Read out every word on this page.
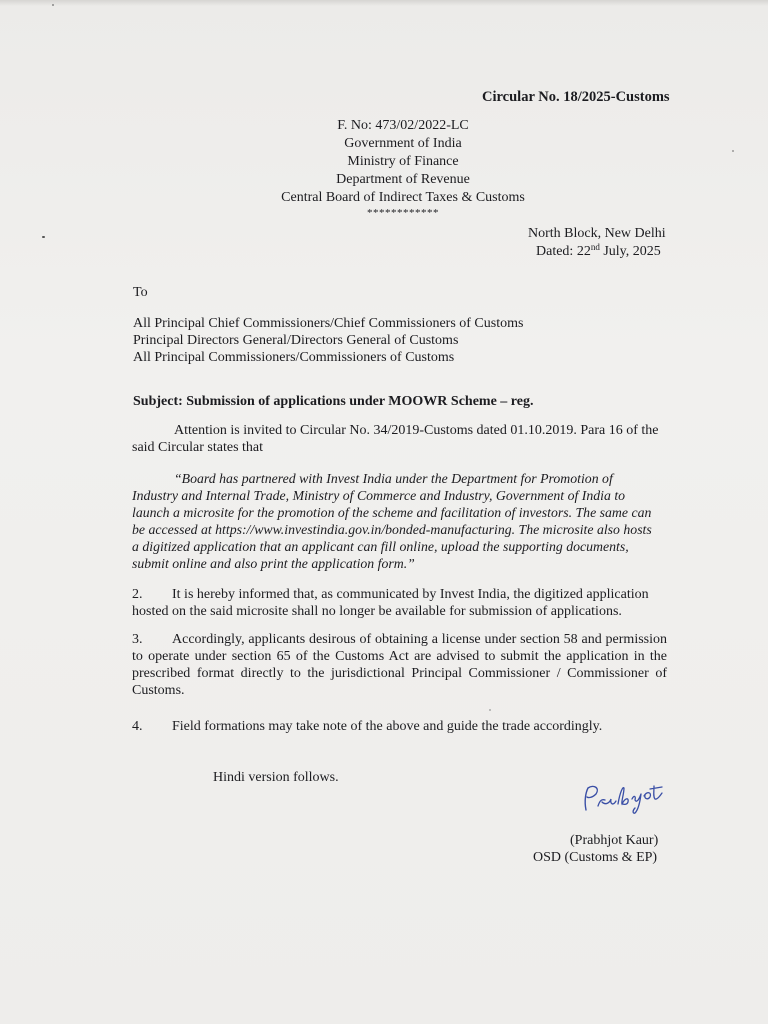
Circular No. 18/2025-Customs

F. No: 473/02/2022-LC

Government of India

Ministry of Finance

Department of Revenue

Central Board of Indirect Taxes & Customs

************

North Block, New Delhi

Dated: 22nd July, 2025

To

All Principal Chief Commissioners/Chief Commissioners of Customs

Principal Directors General/Directors General of Customs

All Principal Commissioners/Commissioners of Customs

Subject: Submission of applications under MOOWR Scheme – reg.

Attention is invited to Circular No. 34/2019-Customs dated 01.10.2019. Para 16 of the said Circular states that

“Board has partnered with Invest India under the Department for Promotion of
Industry and Internal Trade, Ministry of Commerce and Industry, Government of India to
launch a microsite for the promotion of the scheme and facilitation of investors. The same can
be accessed at https://www.investindia.gov.in/bonded-manufacturing. The microsite also hosts
a digitized application that an applicant can fill online, upload the supporting documents,
submit online and also print the application form.”

2. It is hereby informed that, as communicated by Invest India, the digitized application hosted on the said microsite shall no longer be available for submission of applications.

3. Accordingly, applicants desirous of obtaining a license under section 58 and permission to operate under section 65 of the Customs Act are advised to submit the application in the prescribed format directly to the jurisdictional Principal Commissioner / Commissioner of Customs.

4. Field formations may take note of the above and guide the trade accordingly.

Hindi version follows.

(Prabhjot Kaur)

OSD (Customs & EP)
